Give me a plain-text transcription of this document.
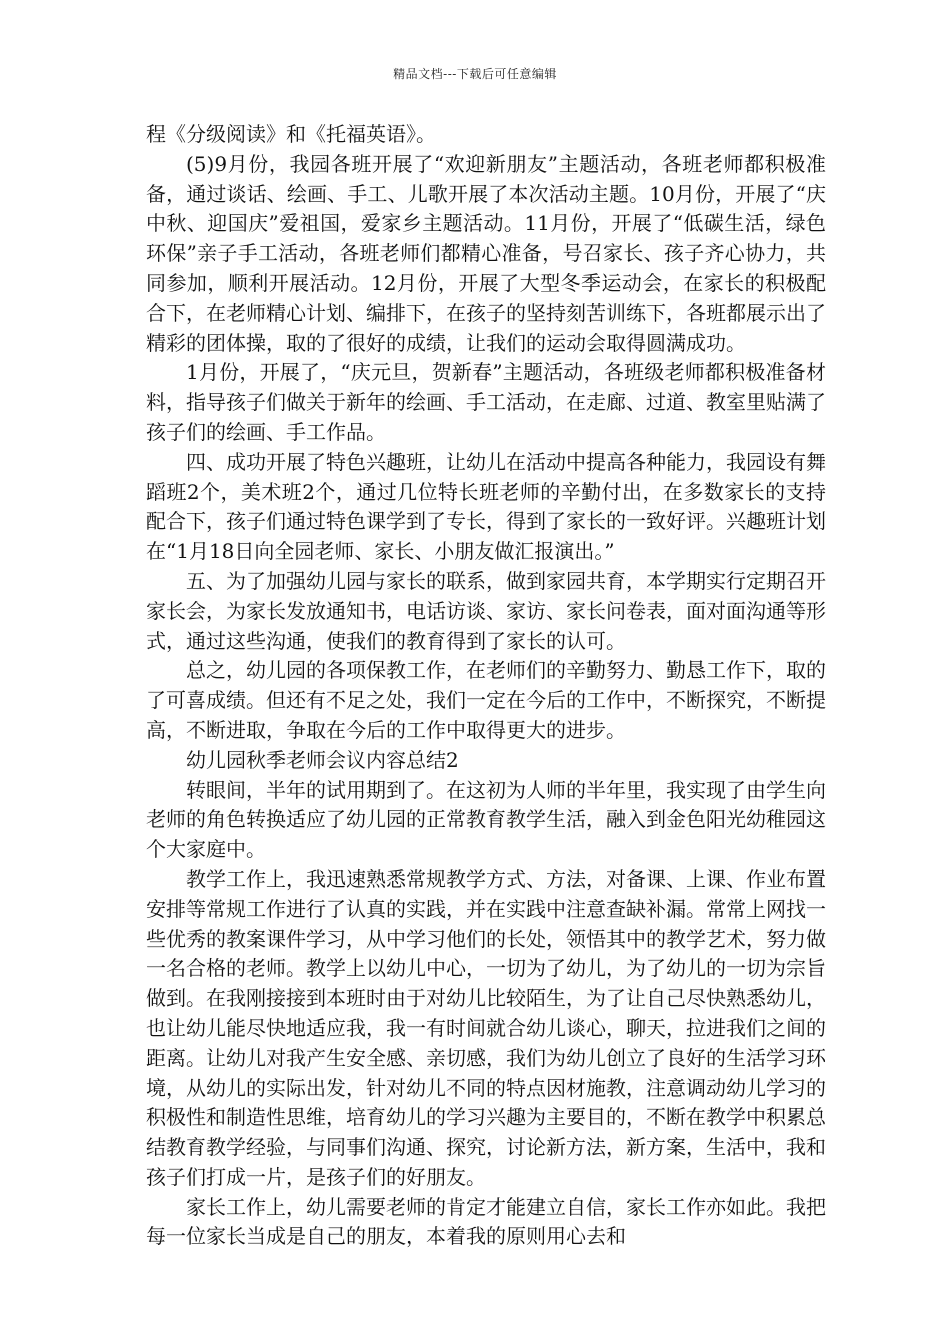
精品文档---下载后可任意编辑

程《分级阅读》和《托福英语》。

(5)9月份，我园各班开展了“欢迎新朋友”主题活动，各班老师都积极准备，通过谈话、绘画、手工、儿歌开展了本次活动主题。10月份，开展了“庆中秋、迎国庆”爱祖国，爱家乡主题活动。11月份，开展了“低碳生活，绿色环保”亲子手工活动，各班老师们都精心准备，号召家长、孩子齐心协力，共同参加，顺利开展活动。12月份，开展了大型冬季运动会，在家长的积极配合下，在老师精心计划、编排下，在孩子的坚持刻苦训练下，各班都展示出了精彩的团体操，取的了很好的成绩，让我们的运动会取得圆满成功。

1月份，开展了，“庆元旦，贺新春”主题活动，各班级老师都积极准备材料，指导孩子们做关于新年的绘画、手工活动，在走廊、过道、教室里贴满了孩子们的绘画、手工作品。

四、成功开展了特色兴趣班，让幼儿在活动中提高各种能力，我园设有舞蹈班2个，美术班2个，通过几位特长班老师的辛勤付出，在多数家长的支持配合下，孩子们通过特色课学到了专长，得到了家长的一致好评。兴趣班计划在“1月18日向全园老师、家长、小朋友做汇报演出。”

五、为了加强幼儿园与家长的联系，做到家园共育，本学期实行定期召开家长会，为家长发放通知书，电话访谈、家访、家长问卷表，面对面沟通等形式，通过这些沟通，使我们的教育得到了家长的认可。

总之，幼儿园的各项保教工作，在老师们的辛勤努力、勤恳工作下，取的了可喜成绩。但还有不足之处，我们一定在今后的工作中，不断探究，不断提高，不断进取，争取在今后的工作中取得更大的进步。

幼儿园秋季老师会议内容总结2

转眼间，半年的试用期到了。在这初为人师的半年里，我实现了由学生向老师的角色转换适应了幼儿园的正常教育教学生活，融入到金色阳光幼稚园这个大家庭中。

教学工作上，我迅速熟悉常规教学方式、方法，对备课、上课、作业布置安排等常规工作进行了认真的实践，并在实践中注意查缺补漏。常常上网找一些优秀的教案课件学习，从中学习他们的长处，领悟其中的教学艺术，努力做一名合格的老师。教学上以幼儿中心，一切为了幼儿，为了幼儿的一切为宗旨做到。在我刚接接到本班时由于对幼儿比较陌生，为了让自己尽快熟悉幼儿，也让幼儿能尽快地适应我，我一有时间就合幼儿谈心，聊天，拉进我们之间的距离。让幼儿对我产生安全感、亲切感，我们为幼儿创立了良好的生活学习环境，从幼儿的实际出发，针对幼儿不同的特点因材施教，注意调动幼儿学习的积极性和制造性思维，培育幼儿的学习兴趣为主要目的，不断在教学中积累总结教育教学经验，与同事们沟通、探究，讨论新方法，新方案，生活中，我和孩子们打成一片，是孩子们的好朋友。

家长工作上，幼儿需要老师的肯定才能建立自信，家长工作亦如此。我把每一位家长当成是自己的朋友，本着我的原则用心去和
